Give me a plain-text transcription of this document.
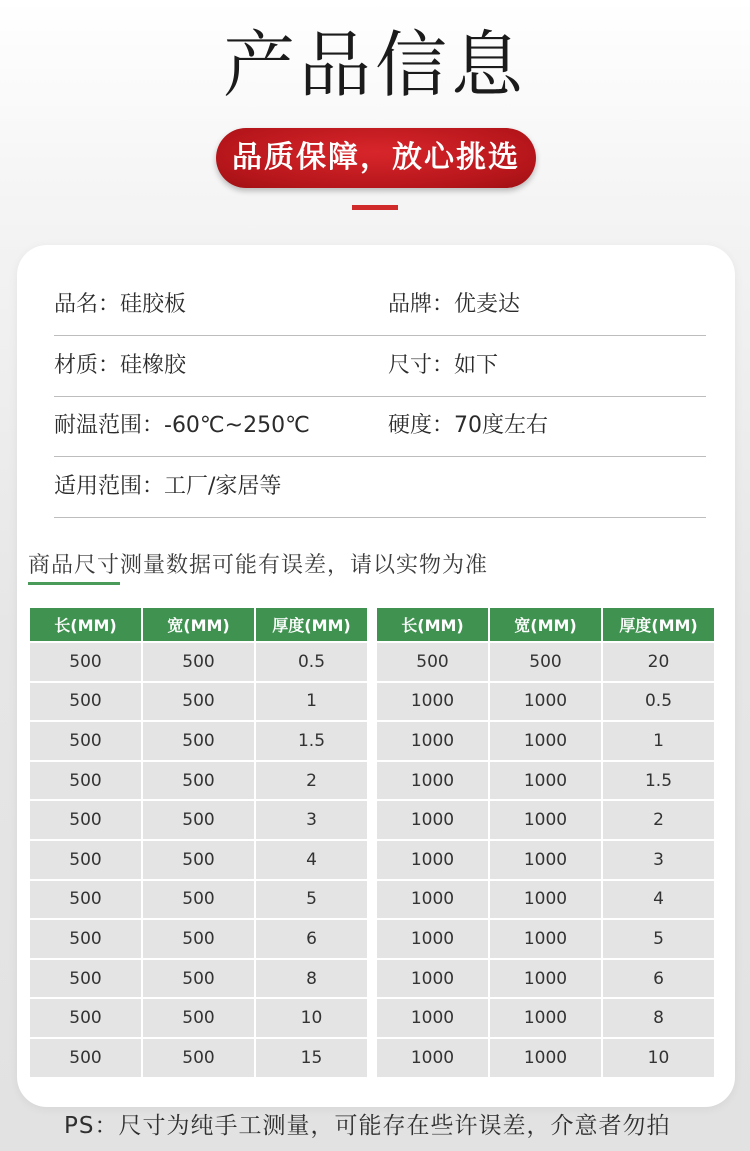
产品信息
品质保障，放心挑选
品名：硅胶板	品牌：优麦达
材质：硅橡胶	尺寸：如下
耐温范围：-60℃~250℃	硬度：70度左右
适用范围：工厂/家居等
商品尺寸测量数据可能有误差，请以实物为准
长(MM)	宽(MM)	厚度(MM)
500	500	0.5
500	500	1
500	500	1.5
500	500	2
500	500	3
500	500	4
500	500	5
500	500	6
500	500	8
500	500	10
500	500	15
长(MM)	宽(MM)	厚度(MM)
500	500	20
1000	1000	0.5
1000	1000	1
1000	1000	1.5
1000	1000	2
1000	1000	3
1000	1000	4
1000	1000	5
1000	1000	6
1000	1000	8
1000	1000	10
PS：尺寸为纯手工测量，可能存在些许误差，介意者勿拍
